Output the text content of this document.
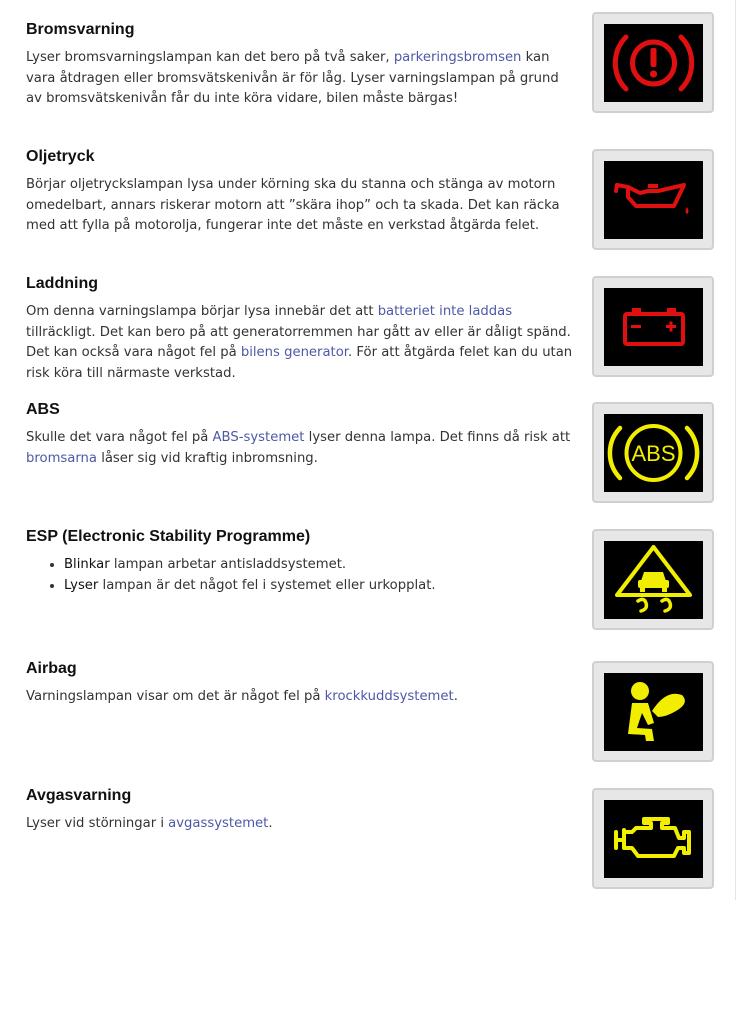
Bromsvarning

Lyser bromsvarningslampan kan det bero på två saker, parkeringsbromsen kan vara åtdragen eller bromsvätskenivån är för låg. Lyser varningslampan på grund av bromsvätskenivån får du inte köra vidare, bilen måste bärgas!

Oljetryck

Börjar oljetryckslampan lysa under körning ska du stanna och stänga av motorn omedelbart, annars riskerar motorn att ”skära ihop” och ta skada. Det kan räcka med att fylla på motorolja, fungerar inte det måste en verkstad åtgärda felet.

Laddning

Om denna varningslampa börjar lysa innebär det att batteriet inte laddas tillräckligt. Det kan bero på att generatorremmen har gått av eller är dåligt spänd. Det kan också vara något fel på bilens generator. För att åtgärda felet kan du utan risk köra till närmaste verkstad.

ABS

Skulle det vara något fel på ABS-systemet lyser denna lampa. Det finns då risk att bromsarna låser sig vid kraftig inbromsning.	ABS
ESP (Electronic Stability Programme)
• Blinkar lampan arbetar antisladdsystemet.
• Lyser lampan är det något fel i systemet eller urkopplat.
Airbag

Varningslampan visar om det är något fel på krockkuddsystemet.

Avgasvarning

Lyser vid störningar i avgassystemet.
